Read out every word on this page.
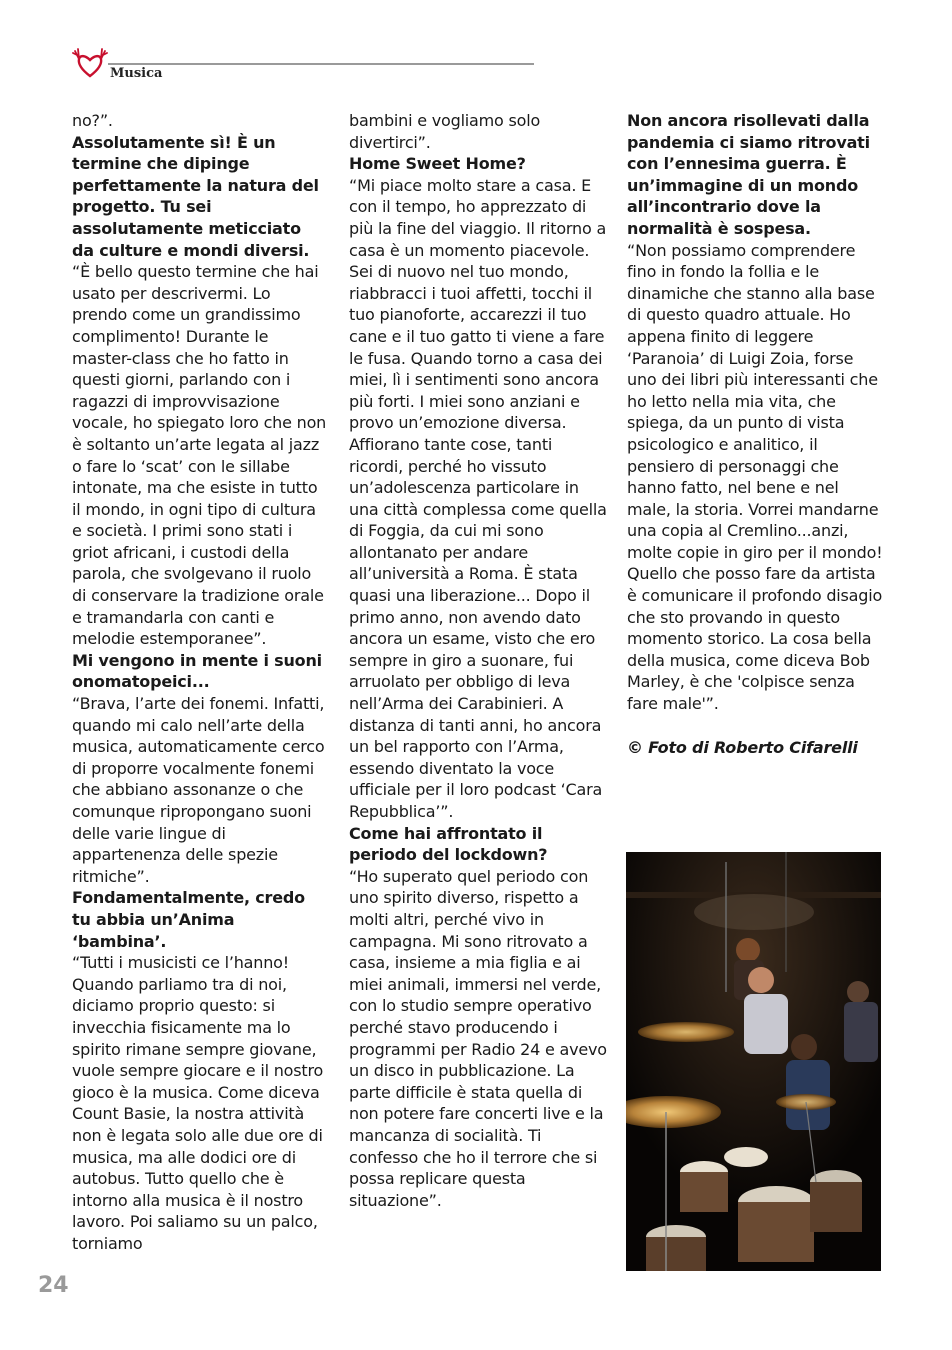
Musica

no?”.

Assolutamente sì! È un termine che dipinge perfettamente la natura del progetto. Tu sei assolutamente meticciato da culture e mondi diversi.

“È bello questo termine che hai usato per descrivermi. Lo prendo come un grandissimo complimento! Durante le master-class che ho fatto in questi giorni, parlando con i ragazzi di improvvisazione vocale, ho spiegato loro che non è soltanto un’arte legata al jazz o fare lo ‘scat’ con le sillabe intonate, ma che esiste in tutto il mondo, in ogni tipo di cultura e società. I primi sono stati i griot africani, i custodi della parola, che svolgevano il ruolo di conservare la tradizione orale e tramandarla con canti e melodie estemporanee”.

Mi vengono in mente i suoni onomatopeici...

“Brava, l’arte dei fonemi. Infatti, quando mi calo nell’arte della musica, automaticamente cerco di proporre vocalmente fonemi che abbiano assonanze o che comunque ripropongano suoni delle varie lingue di appartenenza delle spezie ritmiche”.

Fondamentalmente, credo tu abbia un’Anima ‘bambina’.

“Tutti i musicisti ce l’hanno! Quando parliamo tra di noi, diciamo proprio questo: si invecchia fisicamente ma lo spirito rimane sempre giovane, vuole sempre giocare e il nostro gioco è la musica. Come diceva Count Basie, la nostra attività non è legata solo alle due ore di musica, ma alle dodici ore di autobus. Tutto quello che è intorno alla musica è il nostro lavoro. Poi saliamo su un palco, torniamo

bambini e vogliamo solo divertirci”.

Home Sweet Home?

“Mi piace molto stare a casa. E con il tempo, ho apprezzato di più la fine del viaggio. Il ritorno a casa è un momento piacevole. Sei di nuovo nel tuo mondo, riabbracci i tuoi affetti, tocchi il tuo pianoforte, accarezzi il tuo cane e il tuo gatto ti viene a fare le fusa. Quando torno a casa dei miei, lì i sentimenti sono ancora più forti. I miei sono anziani e provo un’emozione diversa. Affiorano tante cose, tanti ricordi, perché ho vissuto un’adolescenza particolare in una città complessa come quella di Foggia, da cui mi sono allontanato per andare all’università a Roma. È stata quasi una liberazione... Dopo il primo anno, non avendo dato ancora un esame, visto che ero sempre in giro a suonare, fui arruolato per obbligo di leva nell’Arma dei Carabinieri. A distanza di tanti anni, ho ancora un bel rapporto con l’Arma, essendo diventato la voce ufficiale per il loro podcast ‘Cara Repubblica’”.

Come hai affrontato il periodo del lockdown?

“Ho superato quel periodo con uno spirito diverso, rispetto a molti altri, perché vivo in campagna. Mi sono ritrovato a casa, insieme a mia figlia e ai miei animali, immersi nel verde, con lo studio sempre operativo perché stavo producendo i programmi per Radio 24 e avevo un disco in pubblicazione. La parte difficile è stata quella di non potere fare concerti live e la mancanza di socialità. Ti confesso che ho il terrore che si possa replicare questa situazione”.

Non ancora risollevati dalla pandemia ci siamo ritrovati con l’ennesima guerra. È un’immagine di un mondo all’incontrario dove la normalità è sospesa.

“Non possiamo comprendere fino in fondo la follia e le dinamiche che stanno alla base di questo quadro attuale. Ho appena finito di leggere ‘Paranoia’ di Luigi Zoia, forse uno dei libri più interessanti che ho letto nella mia vita, che spiega, da un punto di vista psicologico e analitico, il pensiero di personaggi che hanno fatto, nel bene e nel male, la storia. Vorrei mandarne una copia al Cremlino...anzi, molte copie in giro per il mondo! Quello che posso fare da artista è comunicare il profondo disagio che sto provando in questo momento storico. La cosa bella della musica, come diceva Bob Marley, è che 'colpisce senza fare male'”.

© Foto di Roberto Cifarelli

24
